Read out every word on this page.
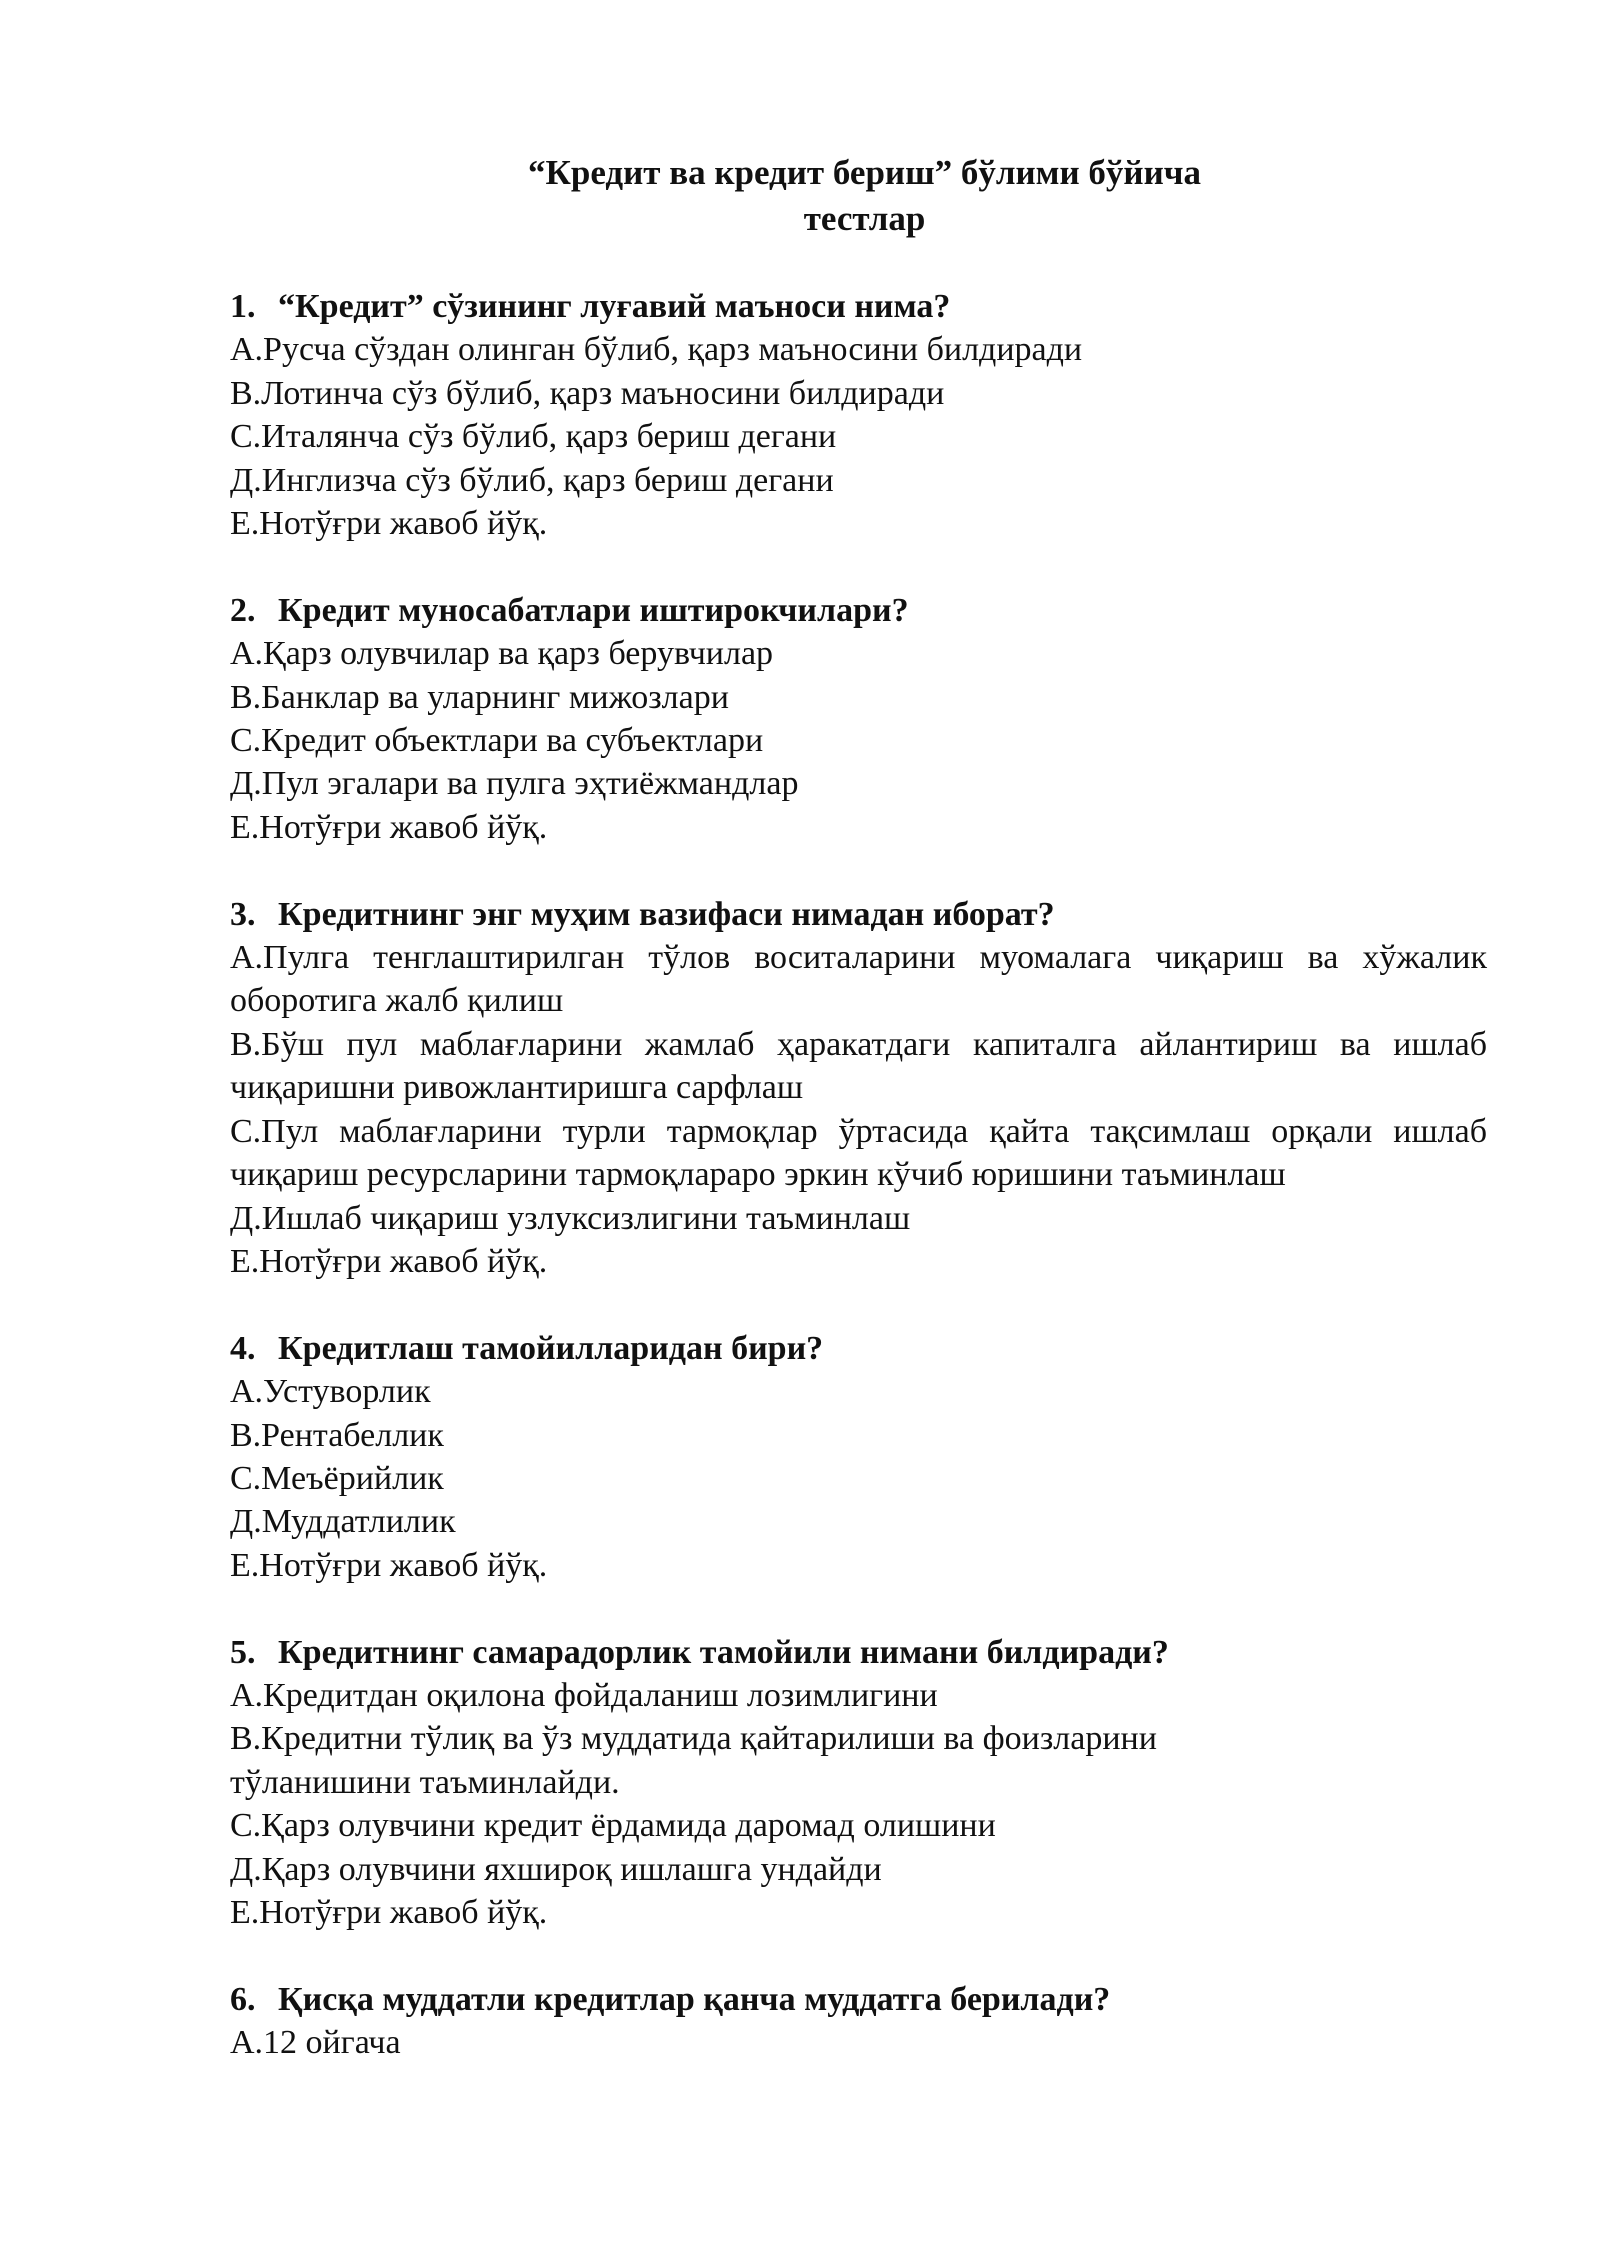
“Кредит ва кредит бериш” бўлими бўйича
тестлар
1. “Кредит” сўзининг луғавий маъноси нима?
А.Русча сўздан олинган бўлиб, қарз маъносини билдиради
В.Лотинча сўз бўлиб, қарз маъносини билдиради
С.Италянча сўз бўлиб, қарз бериш дегани
Д.Инглизча сўз бўлиб, қарз бериш дегани
Е.Нотўғри жавоб йўқ.
2. Кредит муносабатлари иштирокчилари?
А.Қарз олувчилар ва қарз берувчилар
В.Банклар ва уларнинг мижозлари
С.Кредит объектлари ва субъектлари
Д.Пул эгалари ва пулга эҳтиёжмандлар
Е.Нотўғри жавоб йўқ.
3. Кредитнинг энг муҳим вазифаси нимадан иборат?
А.Пулга тенглаштирилган тўлов воситаларини муомалага чиқариш ва хўжалик оборотига жалб қилиш
В.Бўш пул маблағларини жамлаб ҳаракатдаги капиталга айлантириш ва ишлаб чиқаришни ривожлантиришга сарфлаш
С.Пул маблағларини турли тармоқлар ўртасида қайта тақсимлаш орқали ишлаб чиқариш ресурсларини тармоқлараро эркин кўчиб юришини таъминлаш
Д.Ишлаб чиқариш узлуксизлигини таъминлаш
Е.Нотўғри жавоб йўқ.
4. Кредитлаш тамойилларидан бири?
А.Устуворлик
В.Рентабеллик
С.Меъёрийлик
Д.Муддатлилик
Е.Нотўғри жавоб йўқ.
5. Кредитнинг самарадорлик тамойили нимани билдиради?
А.Кредитдан оқилона фойдаланиш лозимлигини
В.Кредитни тўлиқ ва ўз муддатида қайтарилиши ва фоизларини тўланишини таъминлайди.
С.Қарз олувчини кредит ёрдамида даромад олишини
Д.Қарз олувчини яхшироқ ишлашга ундайди
Е.Нотўғри жавоб йўқ.
6. Қисқа муддатли кредитлар қанча муддатга берилади?
А.12 ойгача
